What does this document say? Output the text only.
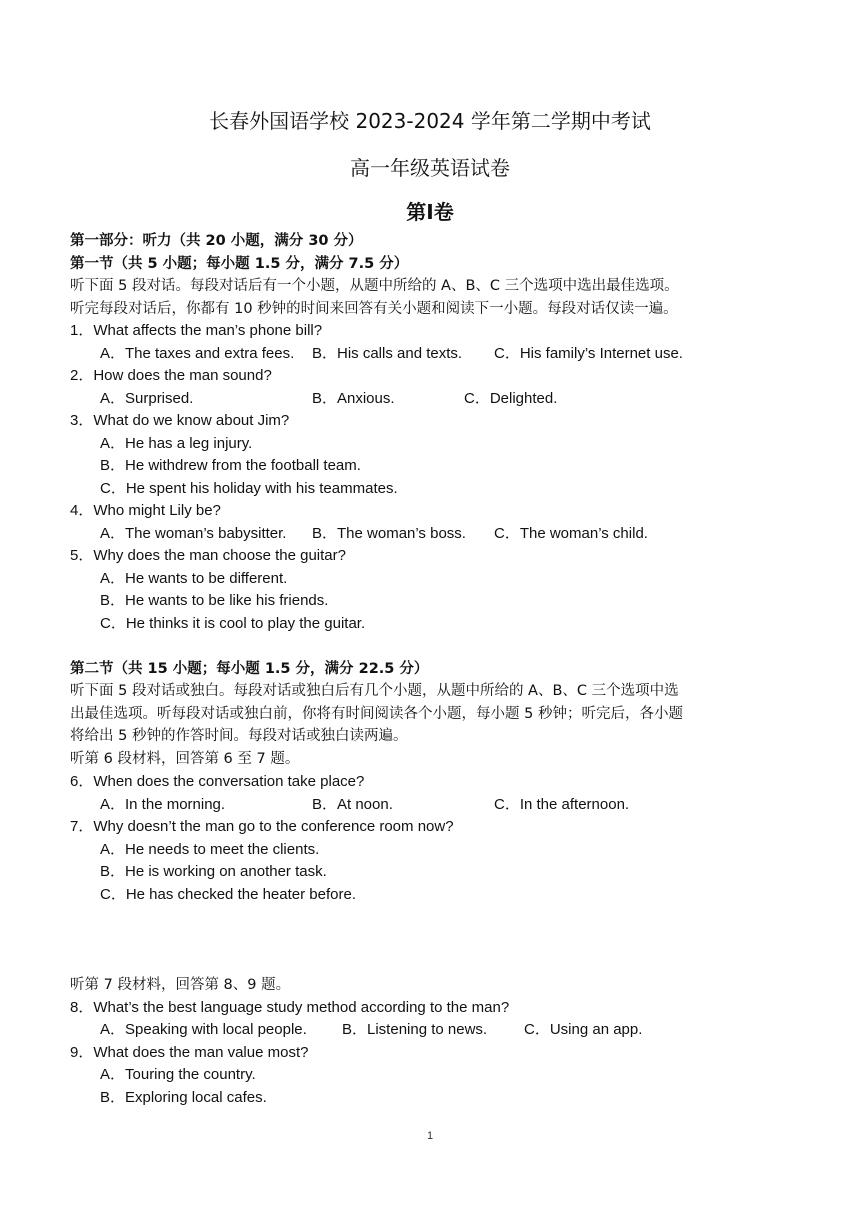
长春外国语学校 2023-2024 学年第二学期中考试
高一年级英语试卷
第Ⅰ卷
第一部分：听力（共 20 小题，满分 30 分）
第一节（共 5 小题；每小题 1.5 分，满分 7.5 分）
听下面 5 段对话。每段对话后有一个小题，从题中所给的 A、B、C 三个选项中选出最佳选项。
听完每段对话后，你都有 10 秒钟的时间来回答有关小题和阅读下一小题。每段对话仅读一遍。
1．What affects the man’s phone bill?
A．The taxes and extra fees. B．His calls and texts. C．His family’s Internet use.
2．How does the man sound?
A．Surprised.	B．Anxious.	C．Delighted.
3．What do we know about Jim?
A．He has a leg injury.
B．He withdrew from the football team.
C．He spent his holiday with his teammates.
4．Who might Lily be?
A．The woman’s babysitter. B．The woman’s boss. C．The woman’s child.
5．Why does the man choose the guitar?
A．He wants to be different.
B．He wants to be like his friends.
C．He thinks it is cool to play the guitar.
第二节（共 15 小题；每小题 1.5 分，满分 22.5 分）
听下面 5 段对话或独白。每段对话或独白后有几个小题，从题中所给的 A、B、C 三个选项中选
出最佳选项。听每段对话或独白前，你将有时间阅读各个小题，每小题 5 秒钟；听完后，各小题
将给出 5 秒钟的作答时间。每段对话或独白读两遍。
听第 6 段材料，回答第 6 至 7 题。
6．When does the conversation take place?
A．In the morning.	B．At noon.	C．In the afternoon.
7．Why doesn’t the man go to the conference room now?
A．He needs to meet the clients.
B．He is working on another task.
C．He has checked the heater before.
听第 7 段材料，回答第 8、9 题。
8．What’s the best language study method according to the man?
A．Speaking with local people. B．Listening to news. C．Using an app.
9．What does the man value most?
A．Touring the country.
B．Exploring local cafes.
1
